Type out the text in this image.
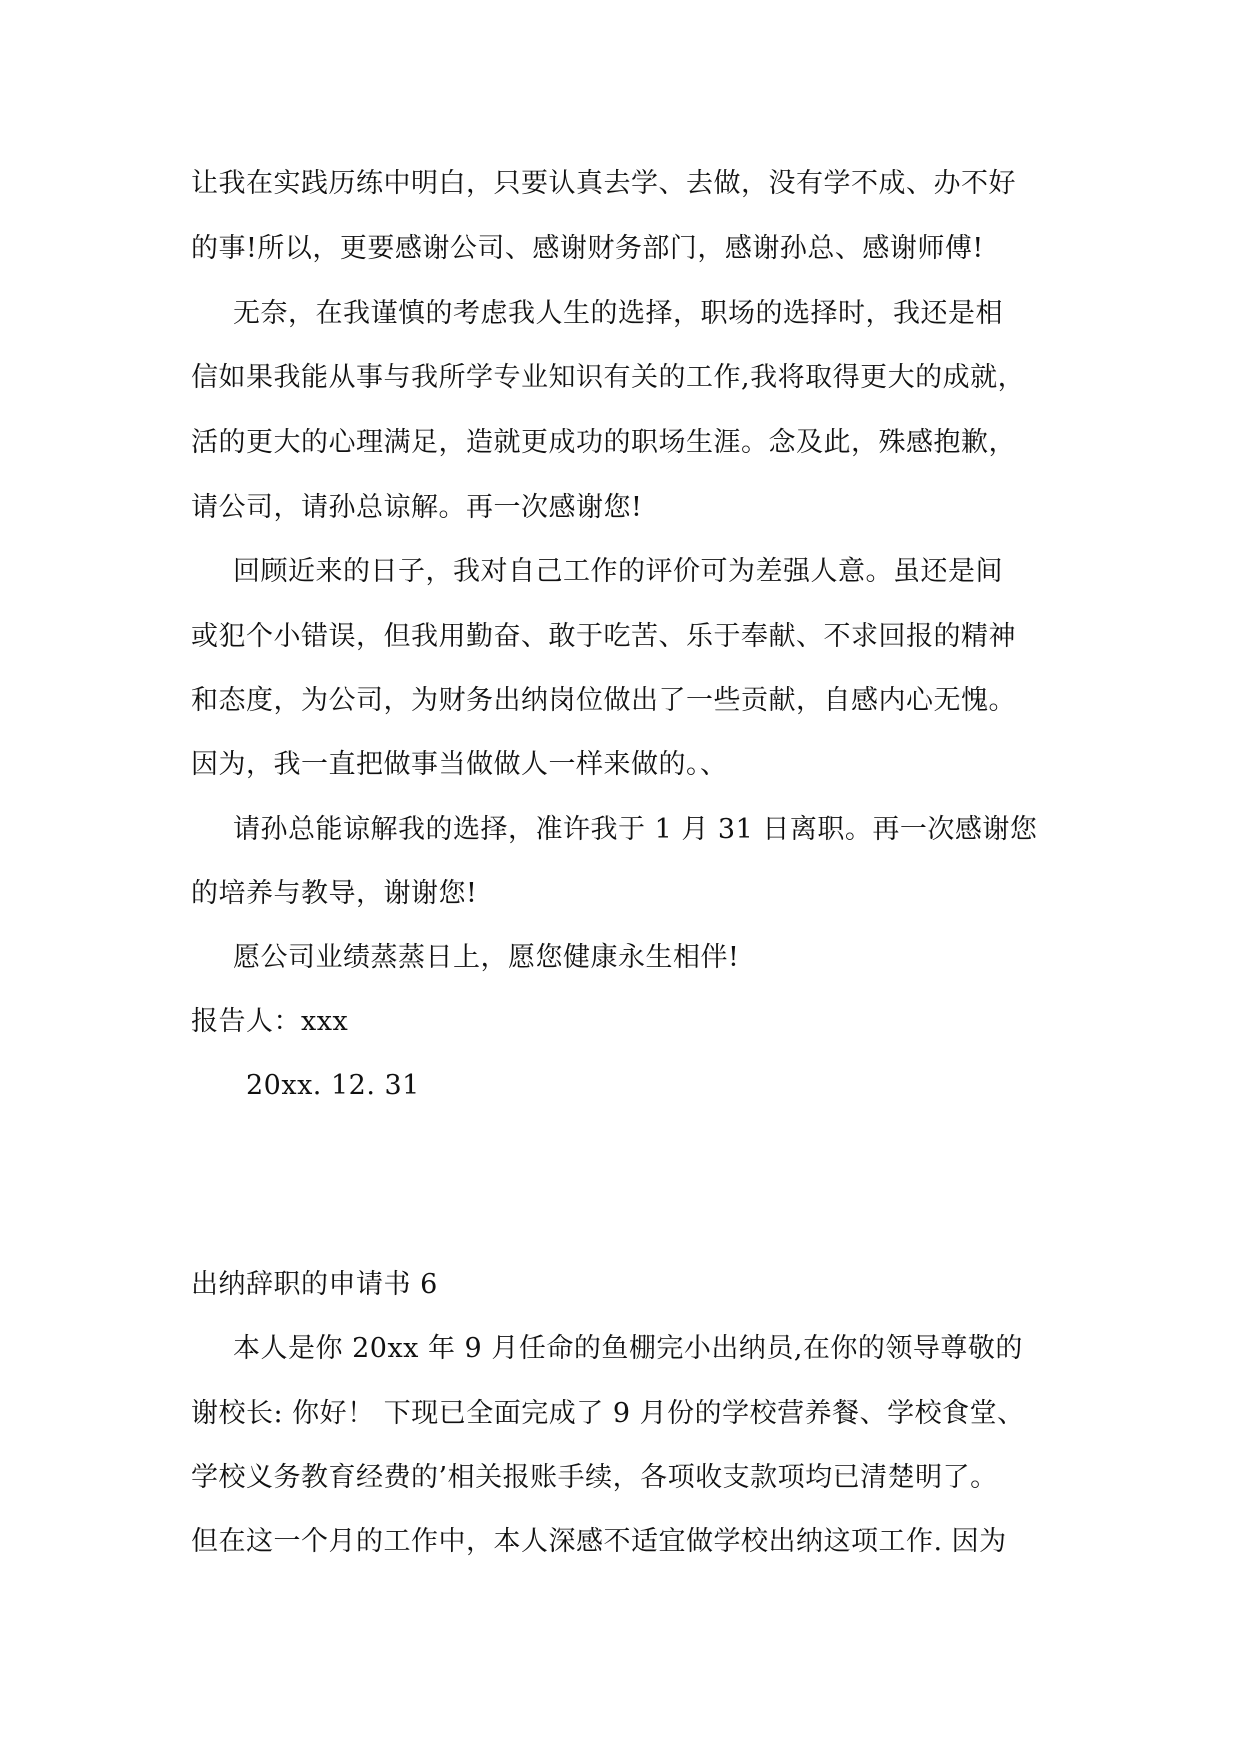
让我在实践历练中明白，只要认真去学、去做，没有学不成、办不好
的事!所以，更要感谢公司、感谢财务部门，感谢孙总、感谢师傅!
无奈，在我谨慎的考虑我人生的选择，职场的选择时，我还是相
信如果我能从事与我所学专业知识有关的工作,我将取得更大的成就，
活的更大的心理满足，造就更成功的职场生涯。念及此，殊感抱歉，
请公司，请孙总谅解。再一次感谢您!
回顾近来的日子，我对自己工作的评价可为差强人意。虽还是间
或犯个小错误，但我用勤奋、敢于吃苦、乐于奉献、不求回报的精神
和态度，为公司，为财务出纳岗位做出了一些贡献，自感内心无愧。
因为，我一直把做事当做做人一样来做的。、
请孙总能谅解我的选择，准许我于 1 月 31 日离职。再一次感谢您
的培养与教导，谢谢您!
愿公司业绩蒸蒸日上，愿您健康永生相伴!
报告人：xxx
20xx. 12. 31
出纳辞职的申请书 6
本人是你 20xx 年 9 月任命的鱼棚完小出纳员,在你的领导尊敬的
谢校长: 你好！ 下现已全面完成了 9 月份的学校营养餐、学校食堂、
学校义务教育经费的’相关报账手续，各项收支款项均已清楚明了。
但在这一个月的工作中，本人深感不适宜做学校出纳这项工作. 因为
